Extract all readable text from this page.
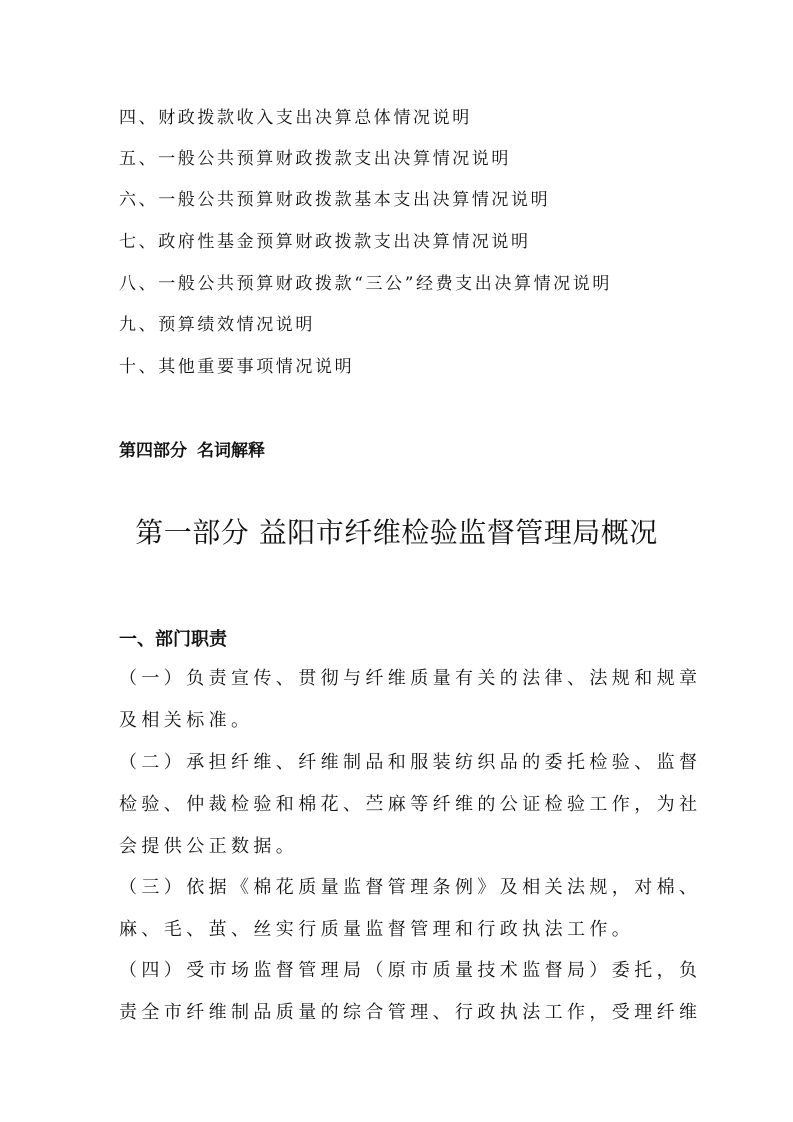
四、财政拨款收入支出决算总体情况说明
五、一般公共预算财政拨款支出决算情况说明
六、一般公共预算财政拨款基本支出决算情况说明
七、政府性基金预算财政拨款支出决算情况说明
八、一般公共预算财政拨款“三公”经费支出决算情况说明
九、预算绩效情况说明
十、其他重要事项情况说明
第四部分 名词解释
第一部分 益阳市纤维检验监督管理局概况
一、部门职责
（一）负责宣传、贯彻与纤维质量有关的法律、法规和规章
及相关标准。
（二）承担纤维、纤维制品和服装纺织品的委托检验、监督
检验、仲裁检验和棉花、苎麻等纤维的公证检验工作，为社
会提供公正数据。
（三）依据《棉花质量监督管理条例》及相关法规，对棉、
麻、毛、茧、丝实行质量监督管理和行政执法工作。
（四）受市场监督管理局（原市质量技术监督局）委托，负
责全市纤维制品质量的综合管理、行政执法工作，受理纤维
